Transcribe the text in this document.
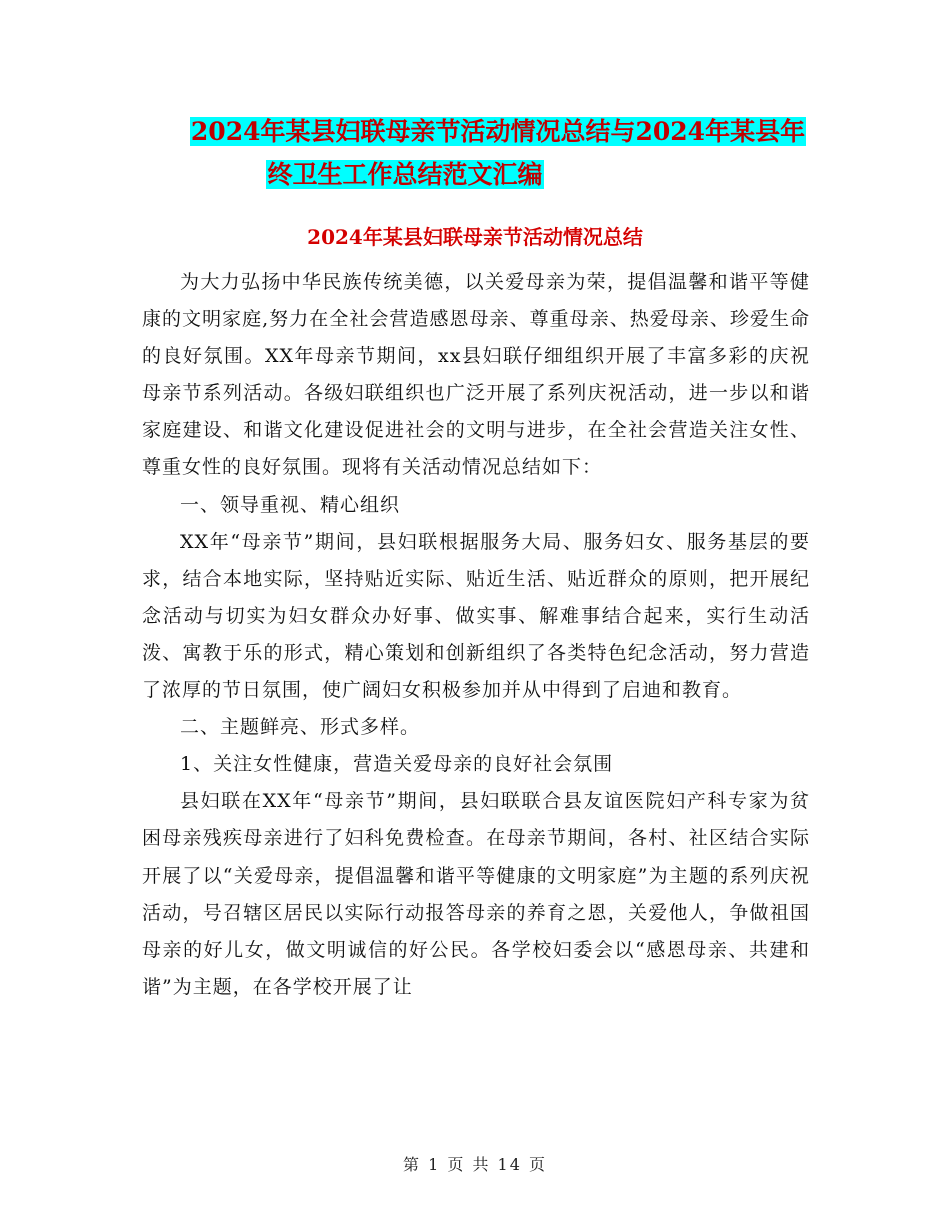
2024年某县妇联母亲节活动情况总结与2024年某县年
终卫生工作总结范文汇编
2024年某县妇联母亲节活动情况总结

为大力弘扬中华民族传统美德，以关爱母亲为荣，提倡温馨和谐平等健康的文明家庭,努力在全社会营造感恩母亲、尊重母亲、热爱母亲、珍爱生命的良好氛围。XX年母亲节期间，xx县妇联仔细组织开展了丰富多彩的庆祝母亲节系列活动。各级妇联组织也广泛开展了系列庆祝活动，进一步以和谐家庭建设、和谐文化建设促进社会的文明与进步，在全社会营造关注女性、尊重女性的良好氛围。现将有关活动情况总结如下：

一、领导重视、精心组织

XX年“母亲节”期间，县妇联根据服务大局、服务妇女、服务基层的要求，结合本地实际，坚持贴近实际、贴近生活、贴近群众的原则，把开展纪念活动与切实为妇女群众办好事、做实事、解难事结合起来，实行生动活泼、寓教于乐的形式，精心策划和创新组织了各类特色纪念活动，努力营造了浓厚的节日氛围，使广阔妇女积极参加并从中得到了启迪和教育。

二、主题鲜亮、形式多样。

1、关注女性健康，营造关爱母亲的良好社会氛围

县妇联在XX年“母亲节”期间，县妇联联合县友谊医院妇产科专家为贫困母亲残疾母亲进行了妇科免费检查。在母亲节期间，各村、社区结合实际开展了以“关爱母亲，提倡温馨和谐平等健康的文明家庭”为主题的系列庆祝活动，号召辖区居民以实际行动报答母亲的养育之恩，关爱他人，争做祖国母亲的好儿女，做文明诚信的好公民。各学校妇委会以“感恩母亲、共建和谐”为主题，在各学校开展了让

第 1 页 共 14 页
